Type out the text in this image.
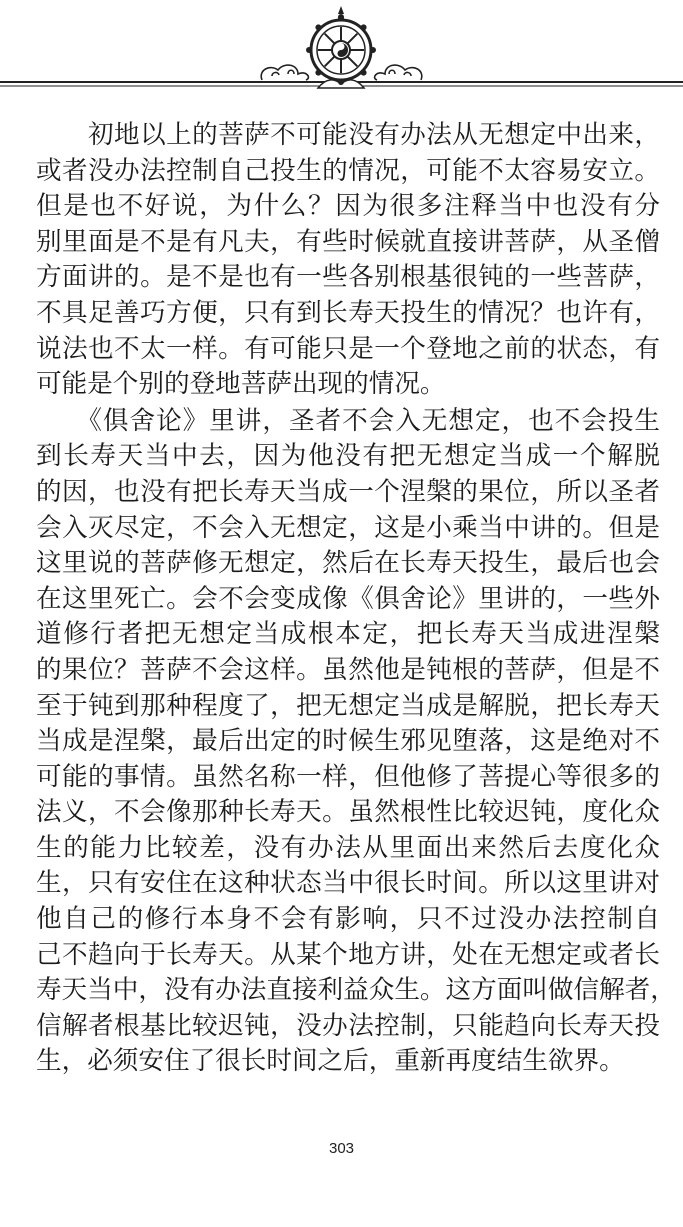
　　初地以上的菩萨不可能没有办法从无想定中出来，
或者没办法控制自己投生的情况，可能不太容易安立。
但是也不好说，为什么？因为很多注释当中也没有分
别里面是不是有凡夫，有些时候就直接讲菩萨，从圣僧
方面讲的。是不是也有一些各别根基很钝的一些菩萨，
不具足善巧方便，只有到长寿天投生的情况？也许有，
说法也不太一样。有可能只是一个登地之前的状态，有
可能是个别的登地菩萨出现的情况。
　　《俱舍论》里讲，圣者不会入无想定，也不会投生
到长寿天当中去，因为他没有把无想定当成一个解脱
的因，也没有把长寿天当成一个涅槃的果位，所以圣者
会入灭尽定，不会入无想定，这是小乘当中讲的。但是
这里说的菩萨修无想定，然后在长寿天投生，最后也会
在这里死亡。会不会变成像《俱舍论》里讲的，一些外
道修行者把无想定当成根本定，把长寿天当成进涅槃
的果位？菩萨不会这样。虽然他是钝根的菩萨，但是不
至于钝到那种程度了，把无想定当成是解脱，把长寿天
当成是涅槃，最后出定的时候生邪见堕落，这是绝对不
可能的事情。虽然名称一样，但他修了菩提心等很多的
法义，不会像那种长寿天。虽然根性比较迟钝，度化众
生的能力比较差，没有办法从里面出来然后去度化众
生，只有安住在这种状态当中很长时间。所以这里讲对
他自己的修行本身不会有影响，只不过没办法控制自
己不趋向于长寿天。从某个地方讲，处在无想定或者长
寿天当中，没有办法直接利益众生。这方面叫做信解者，
信解者根基比较迟钝，没办法控制，只能趋向长寿天投
生，必须安住了很长时间之后，重新再度结生欲界。
303
